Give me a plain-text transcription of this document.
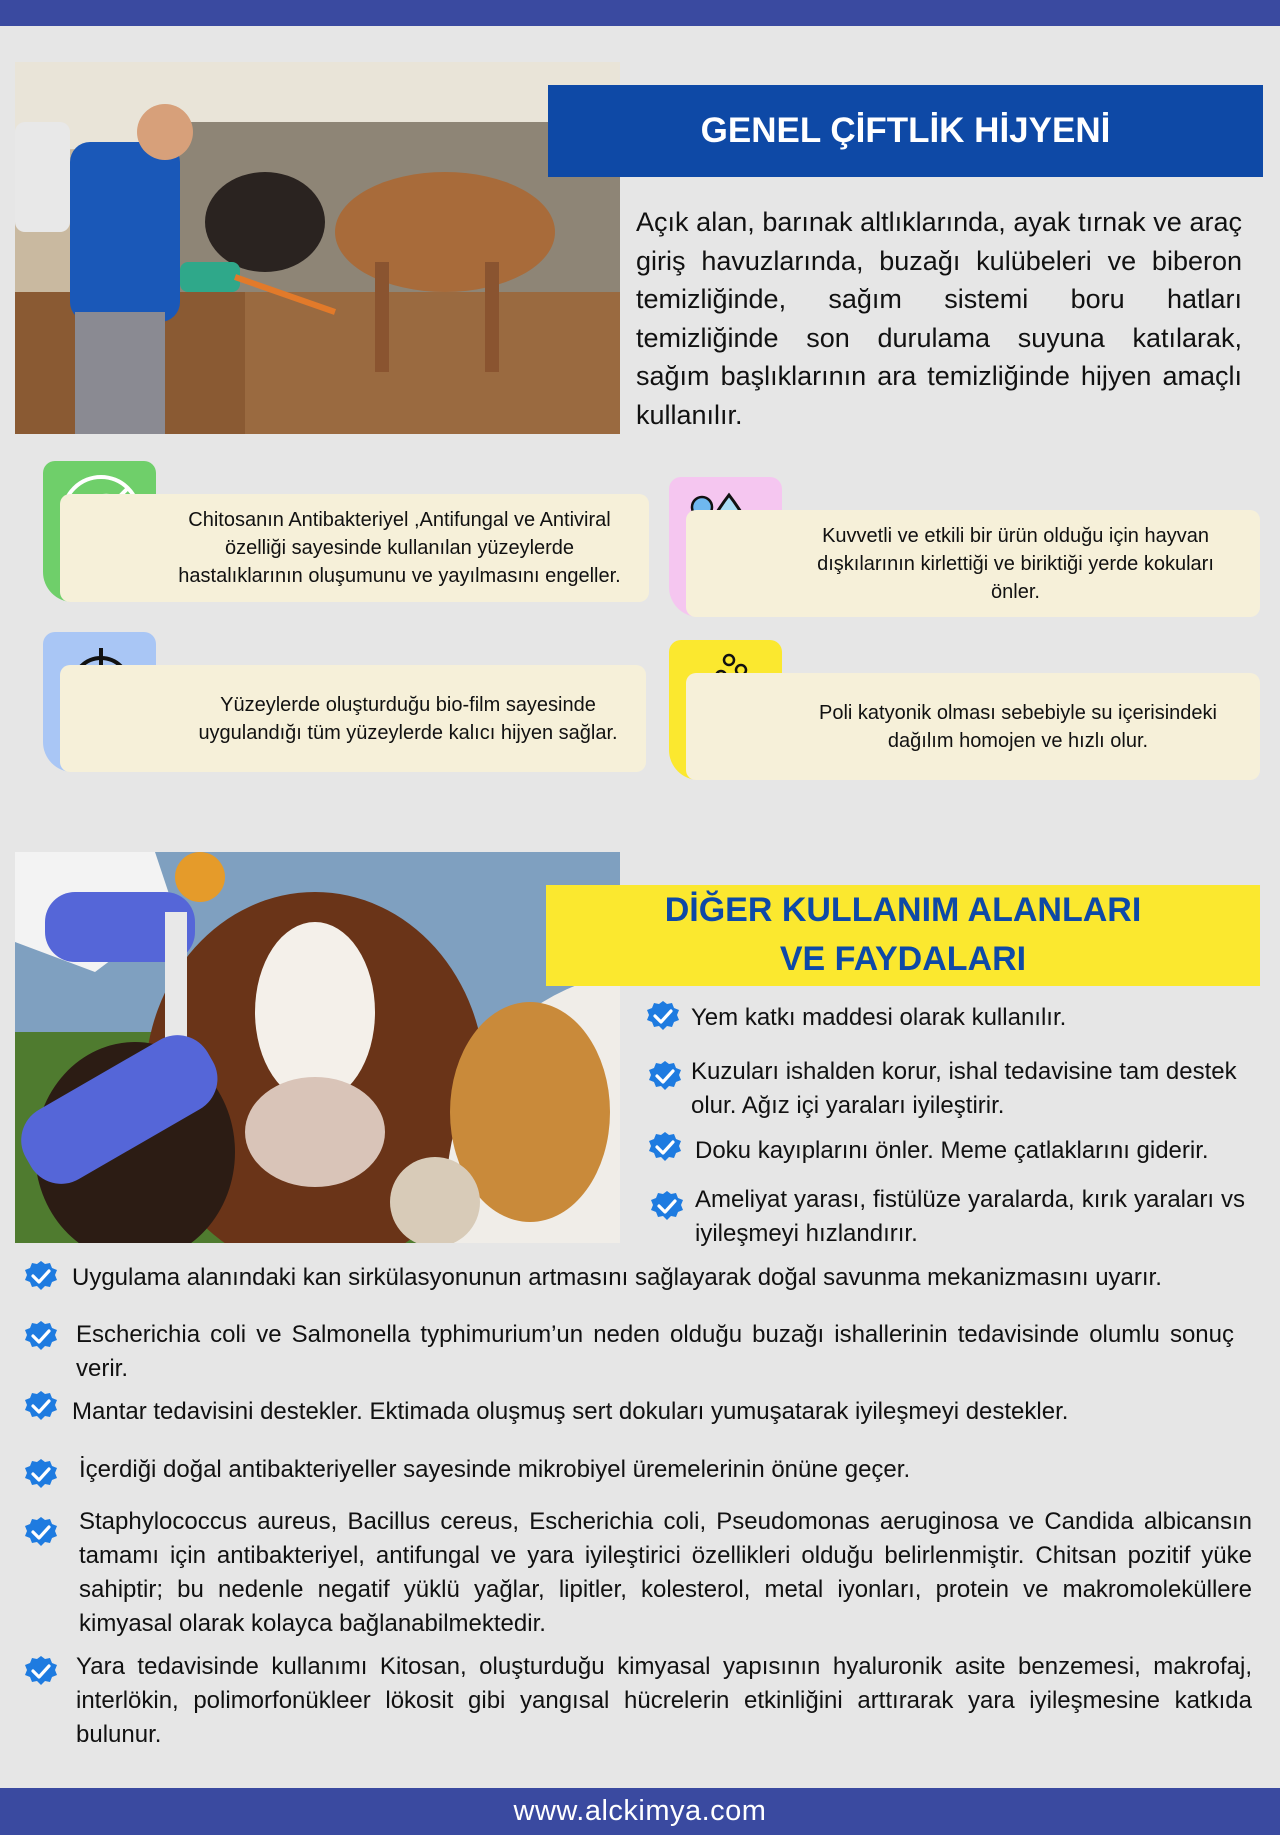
GENEL ÇİFTLİK HİJYENİ
Açık alan, barınak altlıklarında, ayak tırnak ve araç giriş havuzlarında, buzağı kulübeleri ve biberon temizliğinde, sağım sistemi boru hatları temizliğinde son durulama suyuna katılarak, sağım başlıklarının ara temizliğinde hijyen amaçlı kullanılır.
Chitosanın Antibakteriyel ,Antifungal ve Antiviral özelliği sayesinde kullanılan yüzeylerde hastalıklarının oluşumunu ve yayılmasını engeller.
Kuvvetli ve etkili bir ürün olduğu için hayvan dışkılarının kirlettiği ve biriktiği yerde kokuları önler.
Yüzeylerde oluşturduğu bio-film sayesinde uygulandığı tüm yüzeylerde kalıcı hijyen sağlar.
Poli katyonik olması sebebiyle su içerisindeki dağılım homojen ve hızlı olur.
DİĞER KULLANIM ALANLARI
VE FAYDALARI
Yem katkı maddesi olarak kullanılır.
Kuzuları ishalden korur, ishal tedavisine tam destek olur. Ağız içi yaraları iyileştirir.
Doku kayıplarını önler. Meme çatlaklarını giderir.
Ameliyat yarası, fistülüze yaralarda, kırık yaraları vs iyileşmeyi hızlandırır.
Uygulama alanındaki kan sirkülasyonunun artmasını sağlayarak doğal savunma mekanizmasını uyarır.
Escherichia coli ve Salmonella typhimurium’un neden olduğu buzağı ishallerinin tedavisinde olumlu sonuç verir.
Mantar tedavisini destekler. Ektimada oluşmuş sert dokuları yumuşatarak iyileşmeyi destekler.
İçerdiği doğal antibakteriyeller sayesinde mikrobiyel üremelerinin önüne geçer.
Staphylococcus aureus, Bacillus cereus, Escherichia coli, Pseudomonas aeruginosa ve Candida albicansın tamamı için antibakteriyel, antifungal ve yara iyileştirici özellikleri olduğu belirlenmiştir. Chitsan pozitif yüke sahiptir; bu nedenle negatif yüklü yağlar, lipitler, kolesterol, metal iyonları, protein ve makromoleküllere kimyasal olarak kolayca bağlanabilmektedir.
Yara tedavisinde kullanımı Kitosan, oluşturduğu kimyasal yapısının hyaluronik asite benzemesi, makrofaj, interlökin, polimorfonükleer lökosit gibi yangısal hücrelerin etkinliğini arttırarak yara iyileşmesine katkıda bulunur.
www.alckimya.com
